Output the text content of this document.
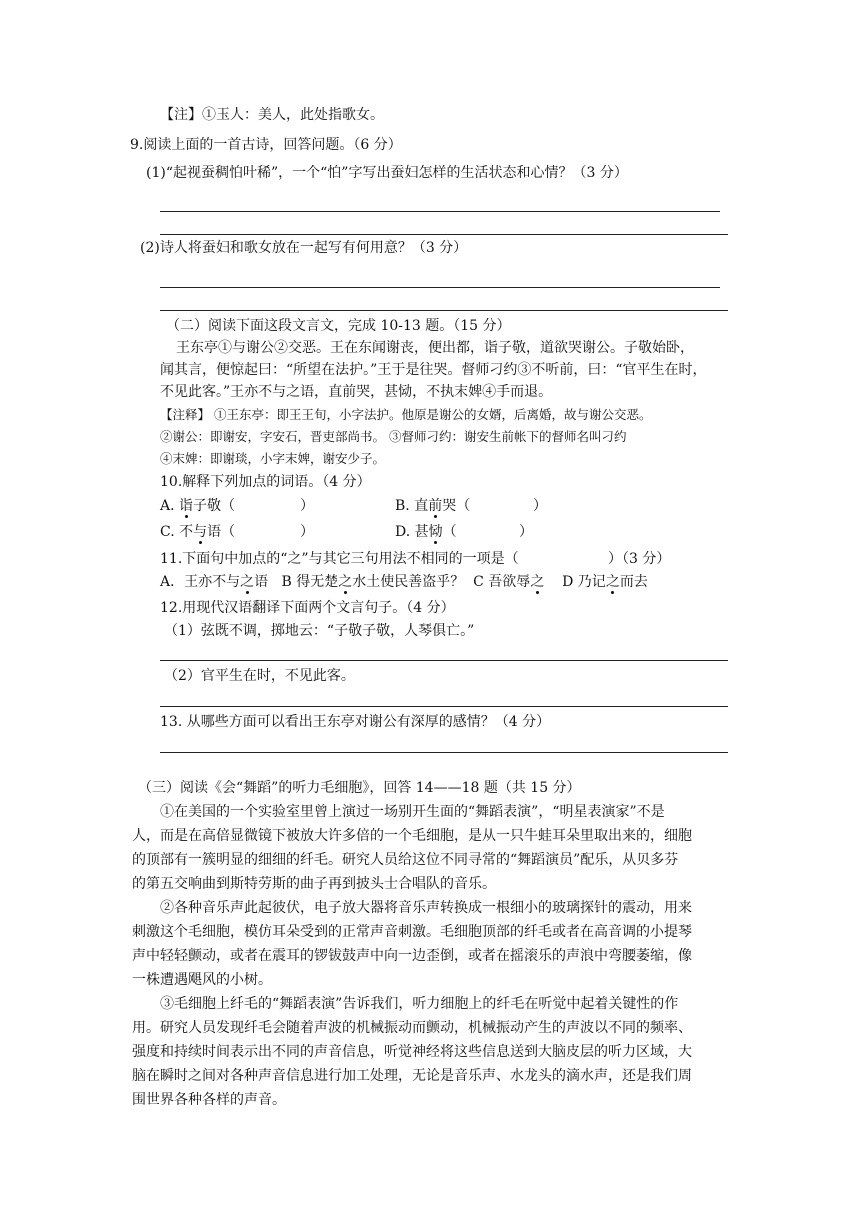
【注】①玉人：美人，此处指歌女。
9.阅读上面的一首古诗，回答问题。（6 分）
(1)“起视蚕稠怕叶稀”，一个“怕”字写出蚕妇怎样的生活状态和心情？（3 分）
(2)诗人将蚕妇和歌女放在一起写有何用意？（3 分）
（二）阅读下面这段文言文，完成 10-13 题。（15 分）
王东亭①与谢公②交恶。王在东闻谢丧，便出都，诣子敬，道欲哭谢公。子敬始卧，
闻其言，便惊起曰：“所望在法护。”王于是往哭。督师刁约③不听前，曰：“官平生在时，
不见此客。”王亦不与之语，直前哭，甚恸，不执末婢④手而退。
【注释】 ①王东亭：即王王旬，小字法护。他原是谢公的女婿，后离婚，故与谢公交恶。
②谢公：即谢安，字安石，晋吏部尚书。 ③督师刁约：谢安生前帐下的督师名叫刁约
④末婢：即谢琰，小字末婢，谢安少子。
10.解释下列加点的词语。（4 分）
A. 诣子敬（	）	B. 直前哭（	）
C. 不与语（	）	D. 甚恸（	）
11.下面句中加点的“之”与其它三句用法不相同的一项是（	）（3 分）
A．王亦不与之语 B 得无楚之水土使民善盗乎？ C 吾欲辱之 D 乃记之而去
12.用现代汉语翻译下面两个文言句子。（4 分）
（1）弦既不调，掷地云：“子敬子敬，人琴俱亡。”
（2）官平生在时，不见此客。
13. 从哪些方面可以看出王东亭对谢公有深厚的感情？（4 分）
（三）阅读《会“舞蹈”的听力毛细胞》，回答 14——18 题（共 15 分）
①在美国的一个实验室里曾上演过一场别开生面的“舞蹈表演”，“明星表演家”不是
人，而是在高倍显微镜下被放大许多倍的一个毛细胞，是从一只牛蛙耳朵里取出来的，细胞
的顶部有一簇明显的细细的纤毛。研究人员给这位不同寻常的“舞蹈演员”配乐，从贝多芬
的第五交响曲到斯特劳斯的曲子再到披头士合唱队的音乐。
②各种音乐声此起彼伏，电子放大器将音乐声转换成一根细小的玻璃探针的震动，用来
刺激这个毛细胞，模仿耳朵受到的正常声音刺激。毛细胞顶部的纤毛或者在高音调的小提琴
声中轻轻颤动，或者在震耳的锣钹鼓声中向一边歪倒，或者在摇滚乐的声浪中弯腰萎缩，像
一株遭遇飓风的小树。
③毛细胞上纤毛的“舞蹈表演”告诉我们，听力细胞上的纤毛在听觉中起着关键性的作
用。研究人员发现纤毛会随着声波的机械振动而颤动，机械振动产生的声波以不同的频率、
强度和持续时间表示出不同的声音信息，听觉神经将这些信息送到大脑皮层的听力区域，大
脑在瞬时之间对各种声音信息进行加工处理，无论是音乐声、水龙头的滴水声，还是我们周
围世界各种各样的声音。
